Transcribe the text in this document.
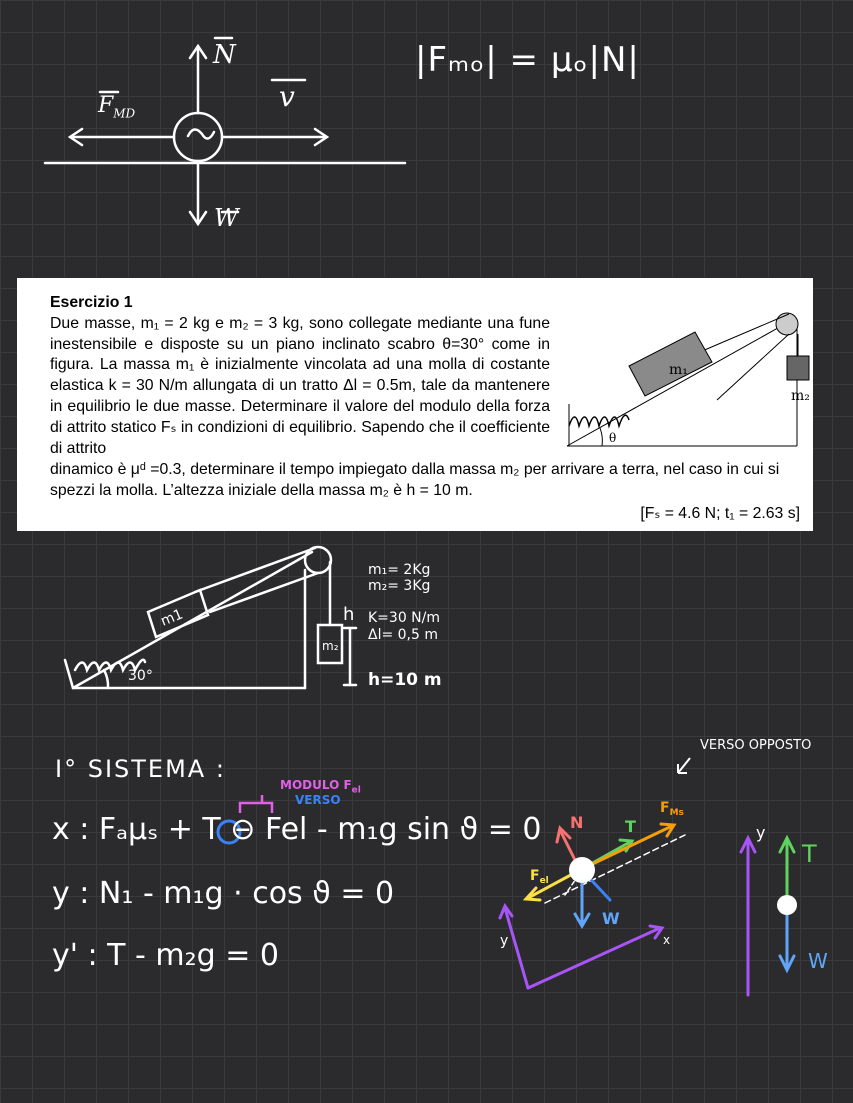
N
W
v
$F_{MD}$
|Fₘₒ| = μₒ|N|
Esercizio 1
Due masse, m₁ = 2 kg e m₂ = 3 kg, sono collegate mediante una fune inestensibile e disposte su un piano inclinato scabro θ=30° come in figura. La massa m₁ è inizialmente vincolata ad una molla di costante elastica k = 30 N/m allungata di un tratto Δl = 0.5m, tale da mantenere in equilibrio le due masse. Determinare il valore del modulo della forza di attrito statico Fₛ in condizioni di equilibrio. Sapendo che il coefficiente di attrito
dinamico è μᵈ =0.3, determinare il tempo impiegato dalla massa m₂ per arrivare a terra, nel caso in cui si spezzi la molla. L’altezza iniziale della massa m₂ è h = 10 m.
[Fₛ = 4.6 N; t₁ = 2.63 s]
m₁
m₂
θ
m1
m₂
30°
h
m₁= 2Kg
m₂= 3Kg
K=30 N/m
Δl= 0,5 m
h=10 m
I° SISTEMA :
MODULO $F_{el}$
VERSO
VERSO OPPOSTO
x : Fₐμₛ + T ⊖ Fel - m₁g sin ϑ = 0
y : N₁ - m₁g · cos ϑ = 0
y' : T - m₂g = 0
N	T
$F_{Ms}$
$F_{el}$
W
x
y
T
W
y
